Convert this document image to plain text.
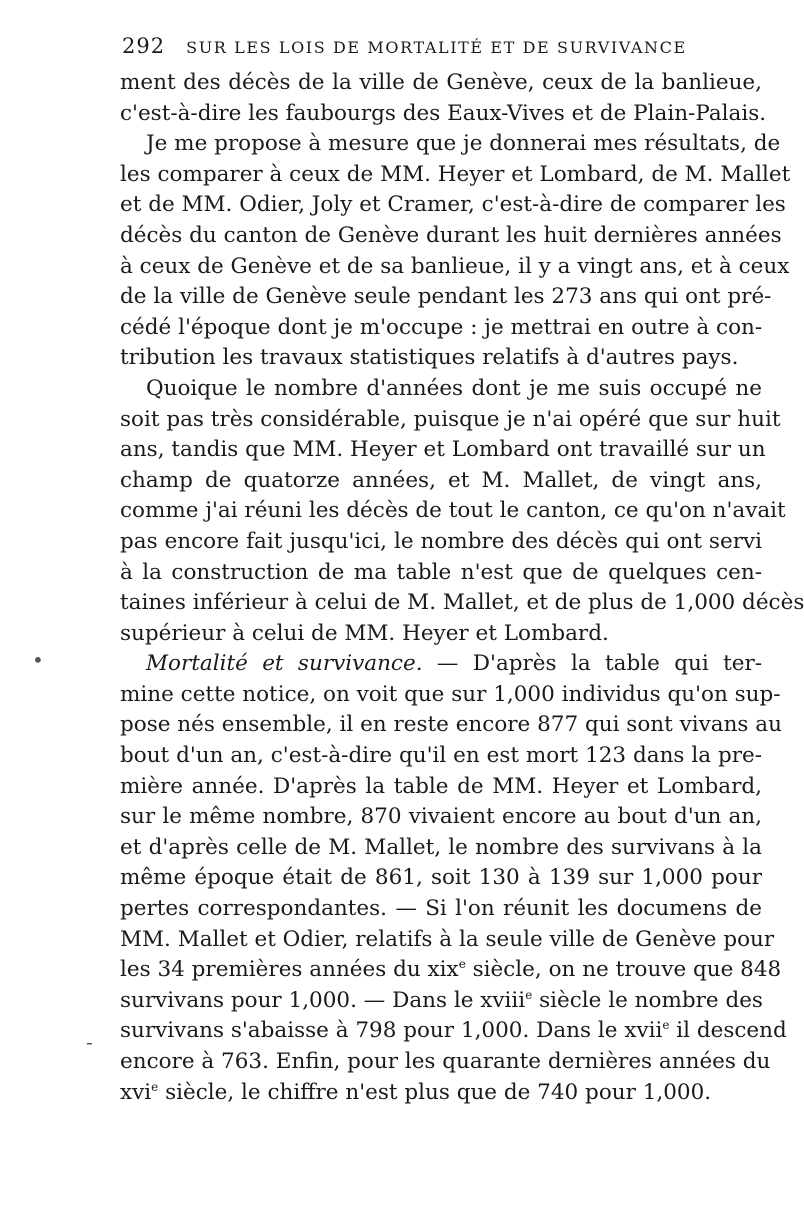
292 SUR LES LOIS DE MORTALITÉ ET DE SURVIVANCE
ment des décès de la ville de Genève, ceux de la banlieue,
c'est-à-dire les faubourgs des Eaux-Vives et de Plain-Palais.
Je me propose à mesure que je donnerai mes résultats, de
les comparer à ceux de MM. Heyer et Lombard, de M. Mallet
et de MM. Odier, Joly et Cramer, c'est-à-dire de comparer les
décès du canton de Genève durant les huit dernières années
à ceux de Genève et de sa banlieue, il y a vingt ans, et à ceux
de la ville de Genève seule pendant les 273 ans qui ont pré-
cédé l'époque dont je m'occupe : je mettrai en outre à con-
tribution les travaux statistiques relatifs à d'autres pays.
Quoique le nombre d'années dont je me suis occupé ne
soit pas très considérable, puisque je n'ai opéré que sur huit
ans, tandis que MM. Heyer et Lombard ont travaillé sur un
champ de quatorze années, et M. Mallet, de vingt ans,
comme j'ai réuni les décès de tout le canton, ce qu'on n'avait
pas encore fait jusqu'ici, le nombre des décès qui ont servi
à la construction de ma table n'est que de quelques cen-
taines inférieur à celui de M. Mallet, et de plus de 1,000 décès
supérieur à celui de MM. Heyer et Lombard.
Mortalité et survivance. — D'après la table qui ter-
mine cette notice, on voit que sur 1,000 individus qu'on sup-
pose nés ensemble, il en reste encore 877 qui sont vivans au
bout d'un an, c'est-à-dire qu'il en est mort 123 dans la pre-
mière année. D'après la table de MM. Heyer et Lombard,
sur le même nombre, 870 vivaient encore au bout d'un an,
et d'après celle de M. Mallet, le nombre des survivans à la
même époque était de 861, soit 130 à 139 sur 1,000 pour
pertes correspondantes. — Si l'on réunit les documens de
MM. Mallet et Odier, relatifs à la seule ville de Genève pour
les 34 premières années du xix$^e$ siècle, on ne trouve que 848
survivans pour 1,000. — Dans le xviii$^e$ siècle le nombre des
survivans s'abaisse à 798 pour 1,000. Dans le xvii$^e$ il descend
encore à 763. Enfin, pour les quarante dernières années du
xvi$^e$ siècle, le chiffre n'est plus que de 740 pour 1,000.
•
-
